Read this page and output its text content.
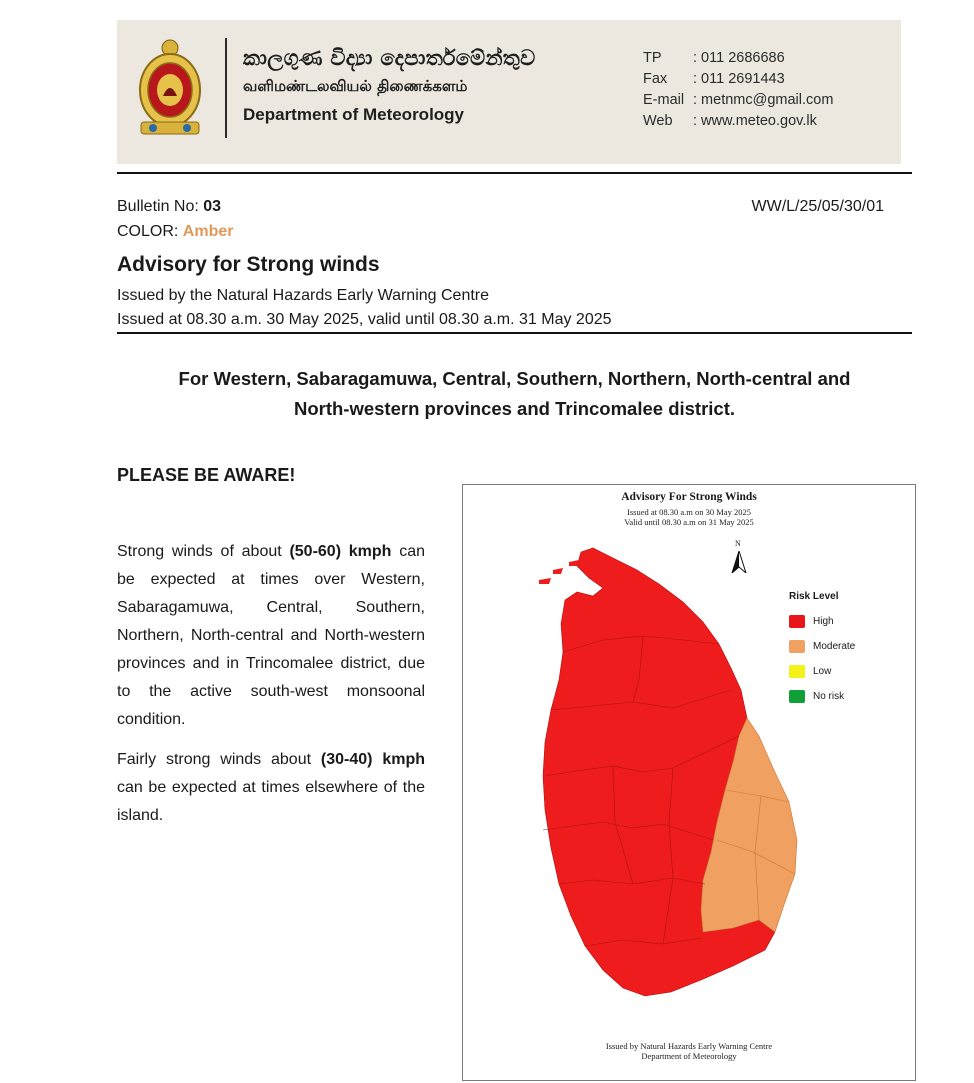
කාලගුණ විද්‍යා දෙපාර්තමේන්තුව
வளிமண்டலவியல் திணைக்களம்
Department of Meteorology
TP	: 011 2686686
Fax	: 011 2691443
E-mail : metnmc@gmail.com
Web	: www.meteo.gov.lk
Bulletin No: 03
COLOR: Amber
WW/L/25/05/30/01
Advisory for Strong winds
Issued by the Natural Hazards Early Warning Centre
Issued at 08.30 a.m. 30 May 2025, valid until 08.30 a.m. 31 May 2025
For Western, Sabaragamuwa, Central, Southern, Northern, North-central and
North-western provinces and Trincomalee district.
PLEASE BE AWARE!

Strong winds of about (50-60) kmph can be expected at times over Western, Sabaragamuwa, Central, Southern, Northern, North-central and North-western provinces and in Trincomalee district, due to the active south-west monsoonal condition.

Fairly strong winds about (30-40) kmph can be expected at times elsewhere of the island.

Advisory For Strong Winds
Issued at 08.30 a.m on 30 May 2025
Valid until 08.30 a.m on 31 May 2025
N
Risk Level
High
Moderate
Low
No risk
Issued by Natural Hazards Early Warning Centre
Department of Meteorology
